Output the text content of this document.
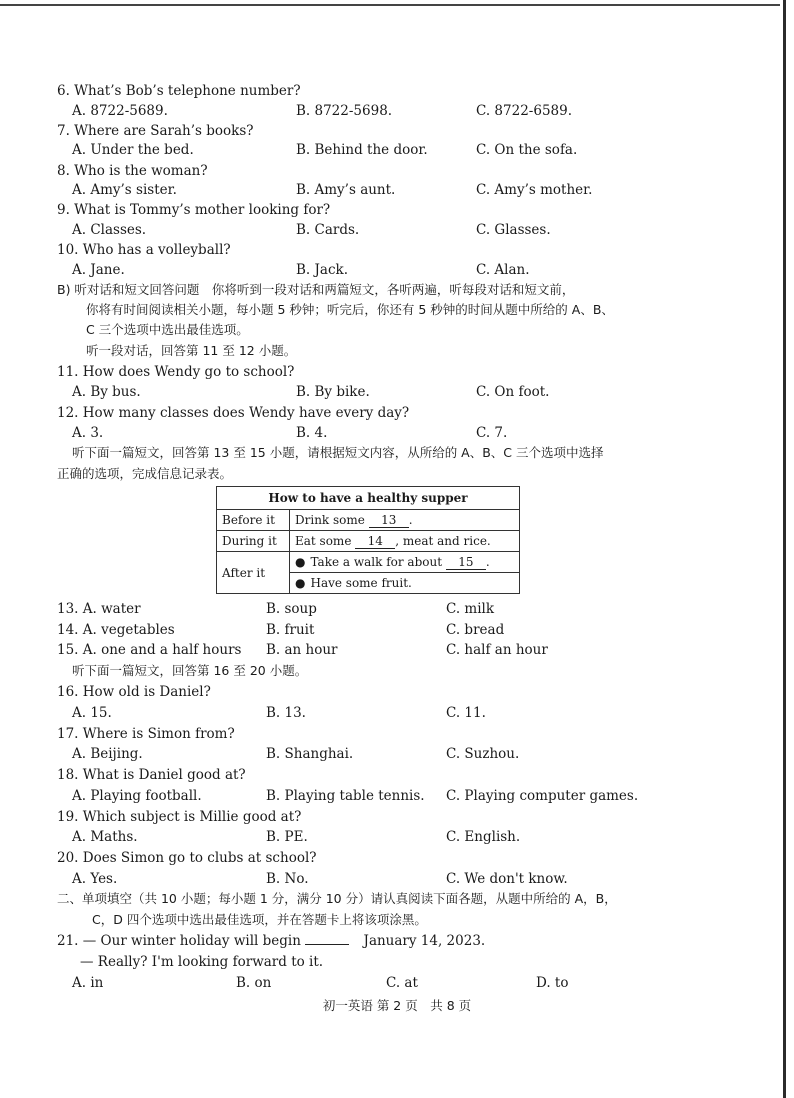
6. What’s Bob’s telephone number?
A. 8722-5689.	B. 8722-5698.	C. 8722-6589.
7. Where are Sarah’s books?
A. Under the bed.	B. Behind the door.	C. On the sofa.
8. Who is the woman?
A. Amy’s sister.	B. Amy’s aunt.	C. Amy’s mother.
9. What is Tommy’s mother looking for?
A. Classes.	B. Cards.	C. Glasses.
10. Who has a volleyball?
A. Jane.	B. Jack.	C. Alan.
B) 听对话和短文回答问题　你将听到一段对话和两篇短文，各听两遍，听每段对话和短文前，
你将有时间阅读相关小题，每小题 5 秒钟；听完后，你还有 5 秒钟的时间从题中所给的 A、B、
C 三个选项中选出最佳选项。
听一段对话，回答第 11 至 12 小题。
11. How does Wendy go to school?
A. By bus.	B. By bike.	C. On foot.
12. How many classes does Wendy have every day?
A. 3.	B. 4.	C. 7.
听下面一篇短文，回答第 13 至 15 小题，请根据短文内容，从所给的 A、B、C 三个选项中选择
正确的选项，完成信息记录表。
How to have a healthy supper	
Before it	Drink some 13 .
During it	Eat some 14 , meat and rice.
After it	● Take a walk for about 15 .
	● Have some fruit.
13. A. water	B. soup	C. milk
14. A. vegetables	B. fruit	C. bread
15. A. one and a half hours B. an hour	C. half an hour
听下面一篇短文，回答第 16 至 20 小题。
16. How old is Daniel?
A. 15.	B. 13.	C. 11.
17. Where is Simon from?
A. Beijing.	B. Shanghai.	C. Suzhou.
18. What is Daniel good at?
A. Playing football.	B. Playing table tennis. C. Playing computer games.
19. Which subject is Millie good at?
A. Maths.	B. PE.	C. English.
20. Does Simon go to clubs at school?
A. Yes.	B. No.	C. We don't know.
二、单项填空（共 10 小题；每小题 1 分，满分 10 分）请认真阅读下面各题，从题中所给的 A，B，
C，D 四个选项中选出最佳选项，并在答题卡上将该项涂黑。
21. — Our winter holiday will begin	January 14, 2023.
— Really? I'm looking forward to it.
A. in	B. on	C. at	D. to
初一英语 第 2 页　共 8 页
